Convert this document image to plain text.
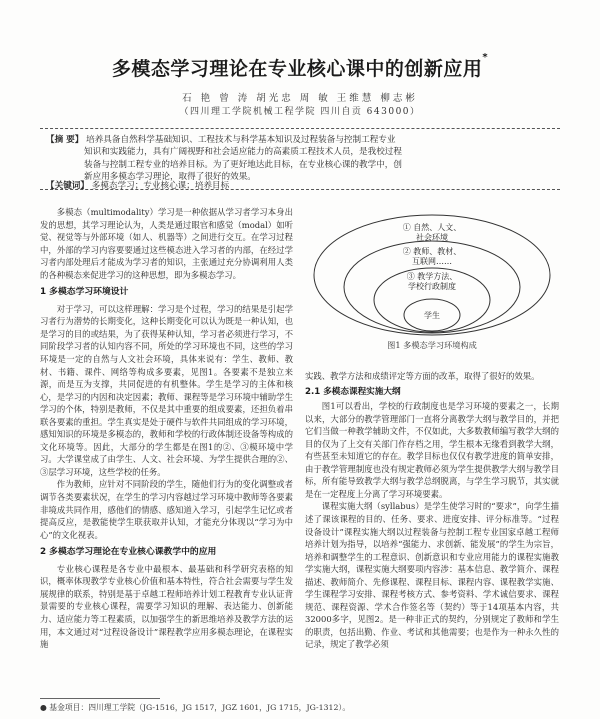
多模态学习理论在专业核心课中的创新应用*
石 艳 曾 涛 胡光忠 周 敏 王维慧 柳志彬
（四川理工学院机械工程学院 四川自贡 643000）
【摘 要】 培养具备自然科学基础知识、工程技术与科学基本知识及过程装备与控制工程专业
知识和实践能力，具有广阔视野和社会适应能力的高素质工程技术人员，是我校过程
装备与控制工程专业的培养目标。为了更好地达此目标，在专业核心课的教学中，创
新应用多模态学习理论，取得了很好的效果。
【关键词】 多模态学习；专业核心课；培养目标

多模态（multimodality）学习是一种依据从学习者学习本身出发的思想，其学习理论认为，人类是通过眼官和感觉（modal）如听觉、视觉等与外部环境（如人、机器等）之间进行交互。在学习过程中，外部的学习内容要要通过这些模态进入学习者的内部，在经过学习者内部处理后才能成为学习者的知识，主张通过充分协调利用人类的各种模态来促进学习的这种思想，即为多模态学习。

1 多模态学习环境设计

对于学习，可以这样理解：学习是个过程，学习的结果是引起学习者行为潜势的长期变化，这种长期变化可以认为既是一种认知，也是学习的目的或结果，为了获得某种认知，学习者必须进行学习，不同阶段学习者的认知内容不同，所处的学习环境也不同，这些的学习环境是一定的自然与人文社会环境，具体来说有：学生、教师、教材、书籍、课件、网络等构成多要素，见图1。各要素不是独立来源，而是互为支撑，共同促进的有机整体。学生是学习的主体和核心，是学习的内因和决定因素；教师、课程等是学习环境中辅助学生学习的个体，特别是教师，不仅是其中重要的组成要素，还担负着串联各要素的重担。学生真实是处于硬件与软件共同组成的学习环境，感知知识的环境是多模态的，教师和学校的行政体制还设备等构成的文化环境等。因此，大部分的学生都是在图1的②、③模环境中学习。大学课堂成了由学生、人文、社会环境、为学生提供合理的②、③层学习环境，这些学校的任务。

作为教师，应针对不同阶段的学生，随他们行为的变化调整或者调节各类要素状况，在学生的学习内容越过学习环境中教师等各要素非境成共同作用，感他们的情感、感知道入学习，引起学生记忆或者提高反应，是教能使学生联获取并认知，才能充分体现以“学习为中心”的文化视表。

2 多模态学习理论在专业核心课教学中的应用

专业核心课程是各专业中最根本、最基础和科学研究表格的知识，概率体现教学专业核心价值和基本特性，符合社会需要与学生发展规律的联系，特别是基于卓越工程师培养计划工程教育专业认证背景需要的专业核心课程，需要学习知识的理解、表达能力、创新能力、适应能力等工程素质，以加强学生的新思维培养及教学方法的运用，本文通过对“过程设备设计”课程教学应用多模态理论，在课程实施

① 自然、人文、
社会环境
② 教师、教材、
互联网……
③ 教学方法、
学校行政制度
学生
图1 多模态学习环境构成

实践、教学方法和成绩评定等方面的改革，取得了很好的效果。

2.1 多模态课程实施大纲

图1可以看出，学校的行政制度也是学习环境的要素之一，长期以来，大部分的教学管理部门一直将分离教学大纲与教学目的，并把它们当做一种教学辅助文件，不仅如此，大多数教师编写教学大纲的目的仅为了上交有关部门作存档之用，学生根本无缘看到教学大纲，有些甚至未知道它的存在。教学目标也仅仅有教学进度的简单安排，由于教学管理制度也没有规定教师必须为学生提供教学大纲与教学目标，所有能导致教学大纲与教学总纲脱离，与学生学习脱节，其实就是在一定程度上分离了学习环境要素。

课程实施大纲（syllabus）是学生使学习时的“要求”，向学生描述了课该课程的目的、任务、要求、进度安排、评分标准等。“过程设备设计”课程实施大纲以过程装备与控制工程专业国家卓越工程师培养计划为指导，以培养“强能力、求创新、能发展”的学生为宗旨，培养和调整学生的工程意识、创新意识和专业应用能力的课程实施教学实施大纲，课程实施大纲要项内容涉：基本信息、教学简介、课程描述、教师简介、先修课程、课程目标、课程内容、课程教学实施、学生课程学习安排、课程考核方式、参考资料、学术诚信要求、课程规范、课程资源、学术合作签名等（契约）等于14项基本内容，共32000多字，见图2。是一种非正式的契约，分别规定了教师和学生的职责，包括出勤、作业、考试和其他需要；也是作为一种永久性的记录，规定了教学必须

● 基金项目：四川理工学院（JG-1516，JG 1517，JGZ 1601，JG 1715，JG-1312）。
